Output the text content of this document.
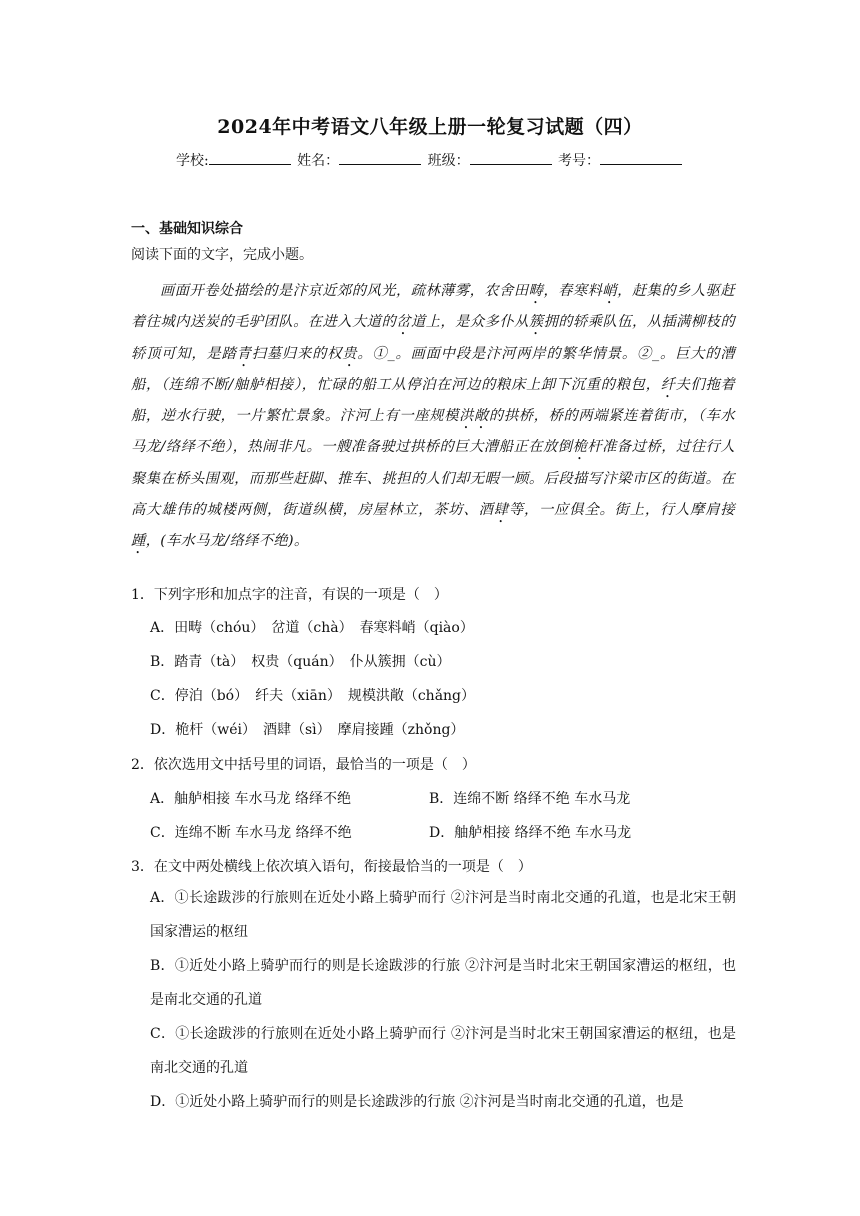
2024年中考语文八年级上册一轮复习试题（四）
学校:	姓名：	班级：	考号：
一、基础知识综合
阅读下面的文字，完成小题。
画面开卷处描绘的是汴京近郊的风光，疏林薄雾，农舍田畴，春寒料峭，赶集的乡人驱赶着往城内送炭的毛驴团队。在进入大道的岔道上，是众多仆从簇拥的轿乘队伍，从插满柳枝的轿顶可知，是踏青扫墓归来的权贵。①_。画面中段是汴河两岸的繁华情景。②_。巨大的漕船，（连绵不断/舳舻相接），忙碌的船工从停泊在河边的粮床上卸下沉重的粮包，纤夫们拖着船，逆水行驶，一片繁忙景象。汴河上有一座规模洪敞的拱桥，桥的两端紧连着街市，（车水马龙/络绎不绝），热闹非凡。一艘准备驶过拱桥的巨大漕船正在放倒桅杆准备过桥，过往行人聚集在桥头围观，而那些赶脚、推车、挑担的人们却无暇一顾。后段描写汴梁市区的街道。在高大雄伟的城楼两侧，街道纵横，房屋林立，茶坊、酒肆等，一应俱全。街上，行人摩肩接踵，(车水马龙/络绎不绝)。
1．下列字形和加点字的注音，有误的一项是（　）
A．田畴（chóu）　岔道（chà）　春寒料峭（qiào）
B．踏青（tà）　权贵（quán）　仆从簇拥（cù）
C．停泊（bó）　纤夫（xiān）　规模洪敞（chǎng）
D．桅杆（wéi）　酒肆（sì）　摩肩接踵（zhǒng）
2．依次选用文中括号里的词语，最恰当的一项是（　）
A．舳舻相接 车水马龙 络绎不绝	B．连绵不断 络绎不绝 车水马龙
C．连绵不断 车水马龙 络绎不绝	D．舳舻相接 络绎不绝 车水马龙
3．在文中两处横线上依次填入语句，衔接最恰当的一项是（　）
A．①长途跋涉的行旅则在近处小路上骑驴而行 ②汴河是当时南北交通的孔道，也是北宋王朝国家漕运的枢纽
B．①近处小路上骑驴而行的则是长途跋涉的行旅 ②汴河是当时北宋王朝国家漕运的枢纽，也是南北交通的孔道
C．①长途跋涉的行旅则在近处小路上骑驴而行 ②汴河是当时北宋王朝国家漕运的枢纽，也是南北交通的孔道
D．①近处小路上骑驴而行的则是长途跋涉的行旅 ②汴河是当时南北交通的孔道，也是
